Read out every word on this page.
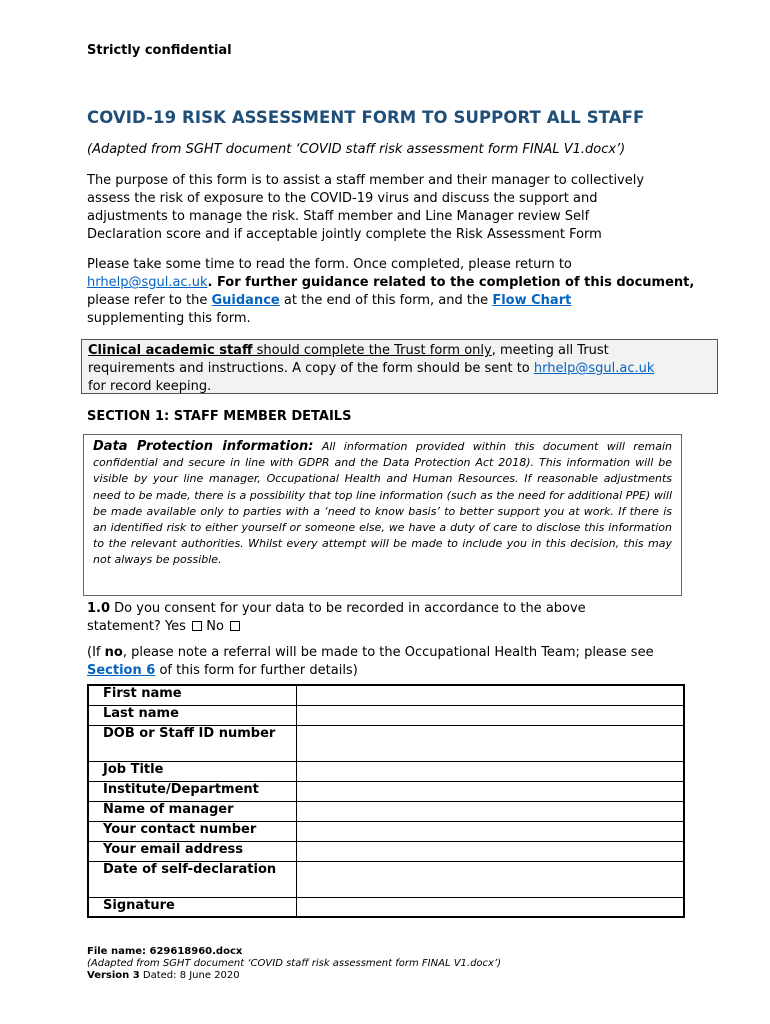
Strictly confidential
COVID-19 RISK ASSESSMENT FORM TO SUPPORT ALL STAFF
(Adapted from SGHT document ‘COVID staff risk assessment form FINAL V1.docx’)
The purpose of this form is to assist a staff member and their manager to collectively
assess the risk of exposure to the COVID-19 virus and discuss the support and
adjustments to manage the risk. Staff member and Line Manager review Self
Declaration score and if acceptable jointly complete the Risk Assessment Form
Please take some time to read the form. Once completed, please return to
hrhelp@sgul.ac.uk. For further guidance related to the completion of this document,
please refer to the Guidance at the end of this form, and the Flow Chart
supplementing this form.
Clinical academic staff should complete the Trust form only, meeting all Trust
requirements and instructions. A copy of the form should be sent to hrhelp@sgul.ac.uk
for record keeping.
SECTION 1: STAFF MEMBER DETAILS
Data Protection information: All information provided within this document will remain confidential and secure in line with GDPR and the Data Protection Act 2018). This information will be visible by your line manager, Occupational Health and Human Resources. If reasonable adjustments need to be made, there is a possibility that top line information (such as the need for additional PPE) will be made available only to parties with a ‘need to know basis’ to better support you at work. If there is an identified risk to either yourself or someone else, we have a duty of care to disclose this information to the relevant authorities. Whilst every attempt will be made to include you in this decision, this may not always be possible.
1.0 Do you consent for your data to be recorded in accordance to the above
statement? Yes  No
(If no, please note a referral will be made to the Occupational Health Team; please see
Section 6 of this form for further details)
First name	
Last name	
DOB or Staff ID number	
Job Title	
Institute/Department	
Name of manager	
Your contact number	
Your email address	
Date of self-declaration	
Signature	
File name: 629618960.docx
(Adapted from SGHT document ‘COVID staff risk assessment form FINAL V1.docx’)
Version 3 Dated: 8 June 2020
